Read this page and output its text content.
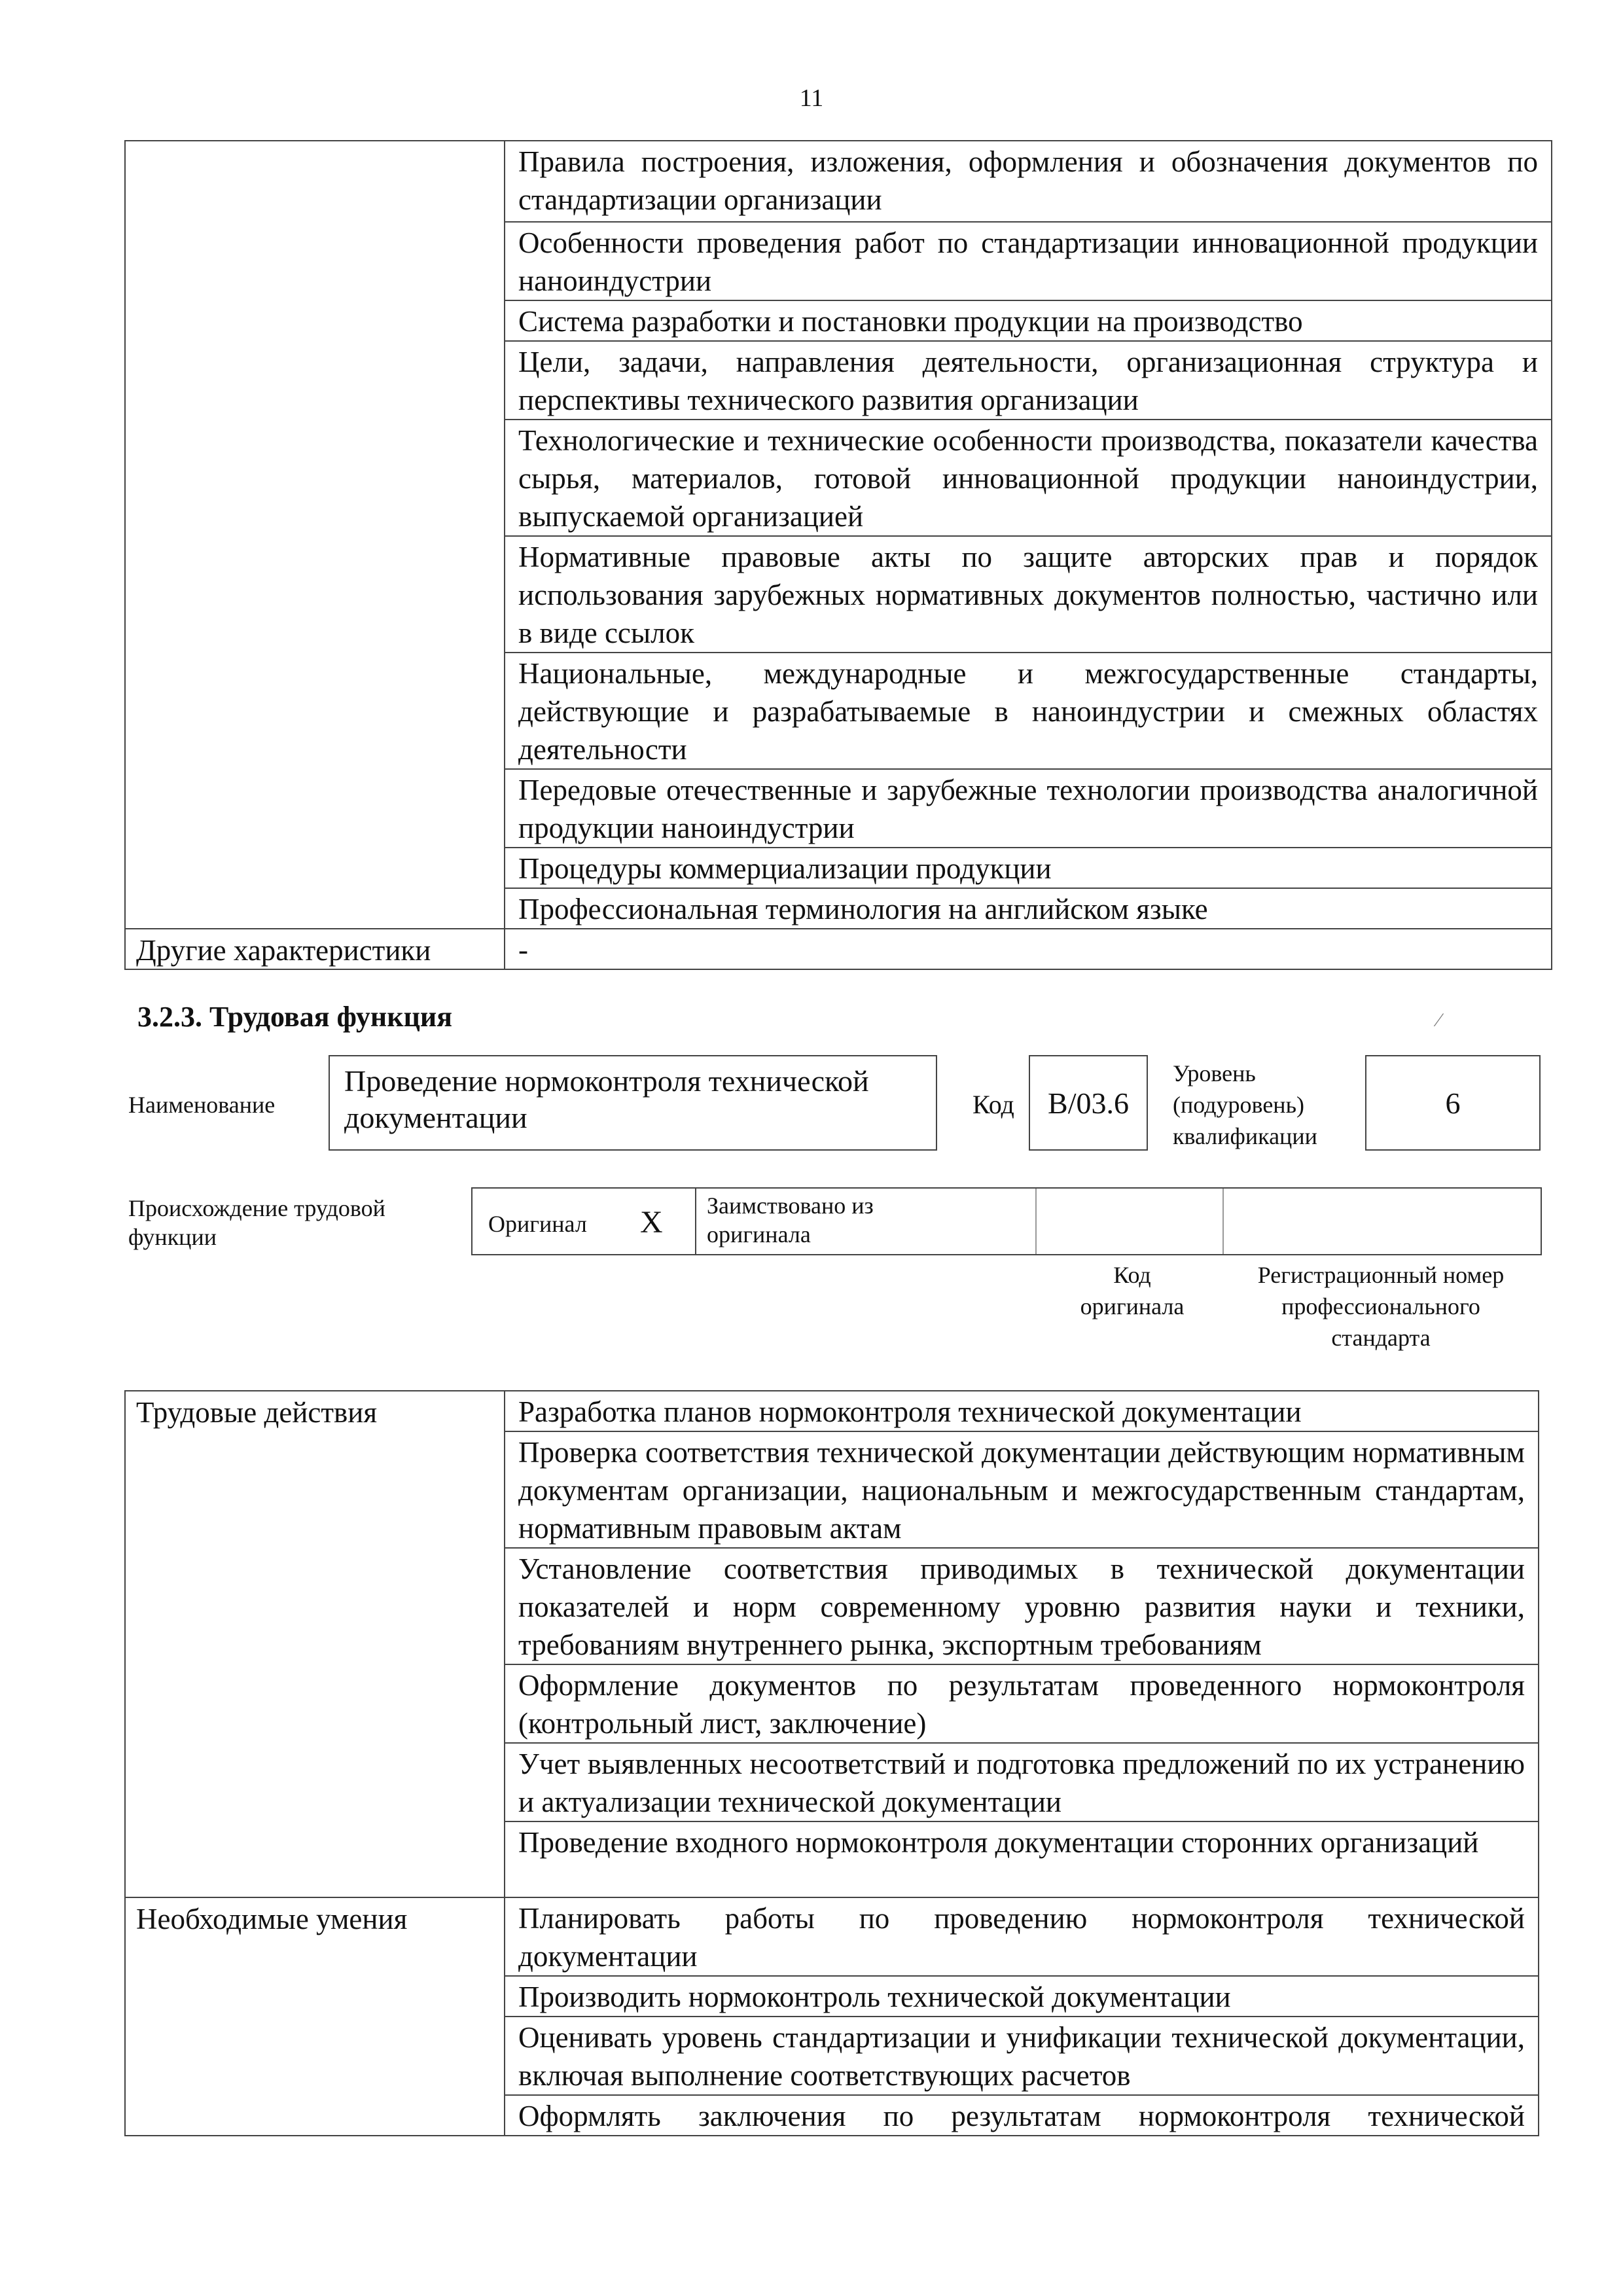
11

	Правила построения, изложения, оформления и обозначения документов по стандартизации организации

	Особенности проведения работ по стандартизации инновационной продукции наноиндустрии

	Система разработки и постановки продукции на производство

	Цели, задачи, направления деятельности, организационная структура и перспективы технического развития организации

	Технологические и технические особенности производства, показатели качества сырья, материалов, готовой инновационной продукции наноиндустрии, выпускаемой организацией

	Нормативные правовые акты по защите авторских прав и порядок использования зарубежных нормативных документов полностью, частично или в виде ссылок

	Национальные, международные и межгосударственные стандарты, действующие и разрабатываемые в наноиндустрии и смежных областях деятельности

	Передовые отечественные и зарубежные технологии производства аналогичной продукции наноиндустрии

	Процедуры коммерциализации продукции

	Профессиональная терминология на английском языке

Другие характеристики	-
3.2.3. Трудовая функция	⁄
Наименование
Проведение нормоконтроля технической документации	Код	B/03.6
Уровень (подуровень) квалификации
6
Происхождение трудовой функции	Оригинал X Заимствовано из оригинала
Код оригинала
Регистрационный номер профессионального стандарта
Трудовые действия	Разработка планов нормоконтроля технической документации

	Проверка соответствия технической документации действующим нормативным документам организации, национальным и межгосударственным стандартам, нормативным правовым актам

	Установление соответствия приводимых в технической документации показателей и норм современному уровню развития науки и техники, требованиям внутреннего рынка, экспортным требованиям

	Оформление документов по результатам проведенного нормоконтроля (контрольный лист, заключение)

	Учет выявленных несоответствий и подготовка предложений по их устранению и актуализации технической документации

	Проведение входного нормоконтроля документации сторонних организаций

Необходимые умения	Планировать работы по проведению нормоконтроля технической документации

	Производить нормоконтроль технической документации

	Оценивать уровень стандартизации и унификации технической документации, включая выполнение соответствующих расчетов

	Оформлять заключения по результатам нормоконтроля технической
